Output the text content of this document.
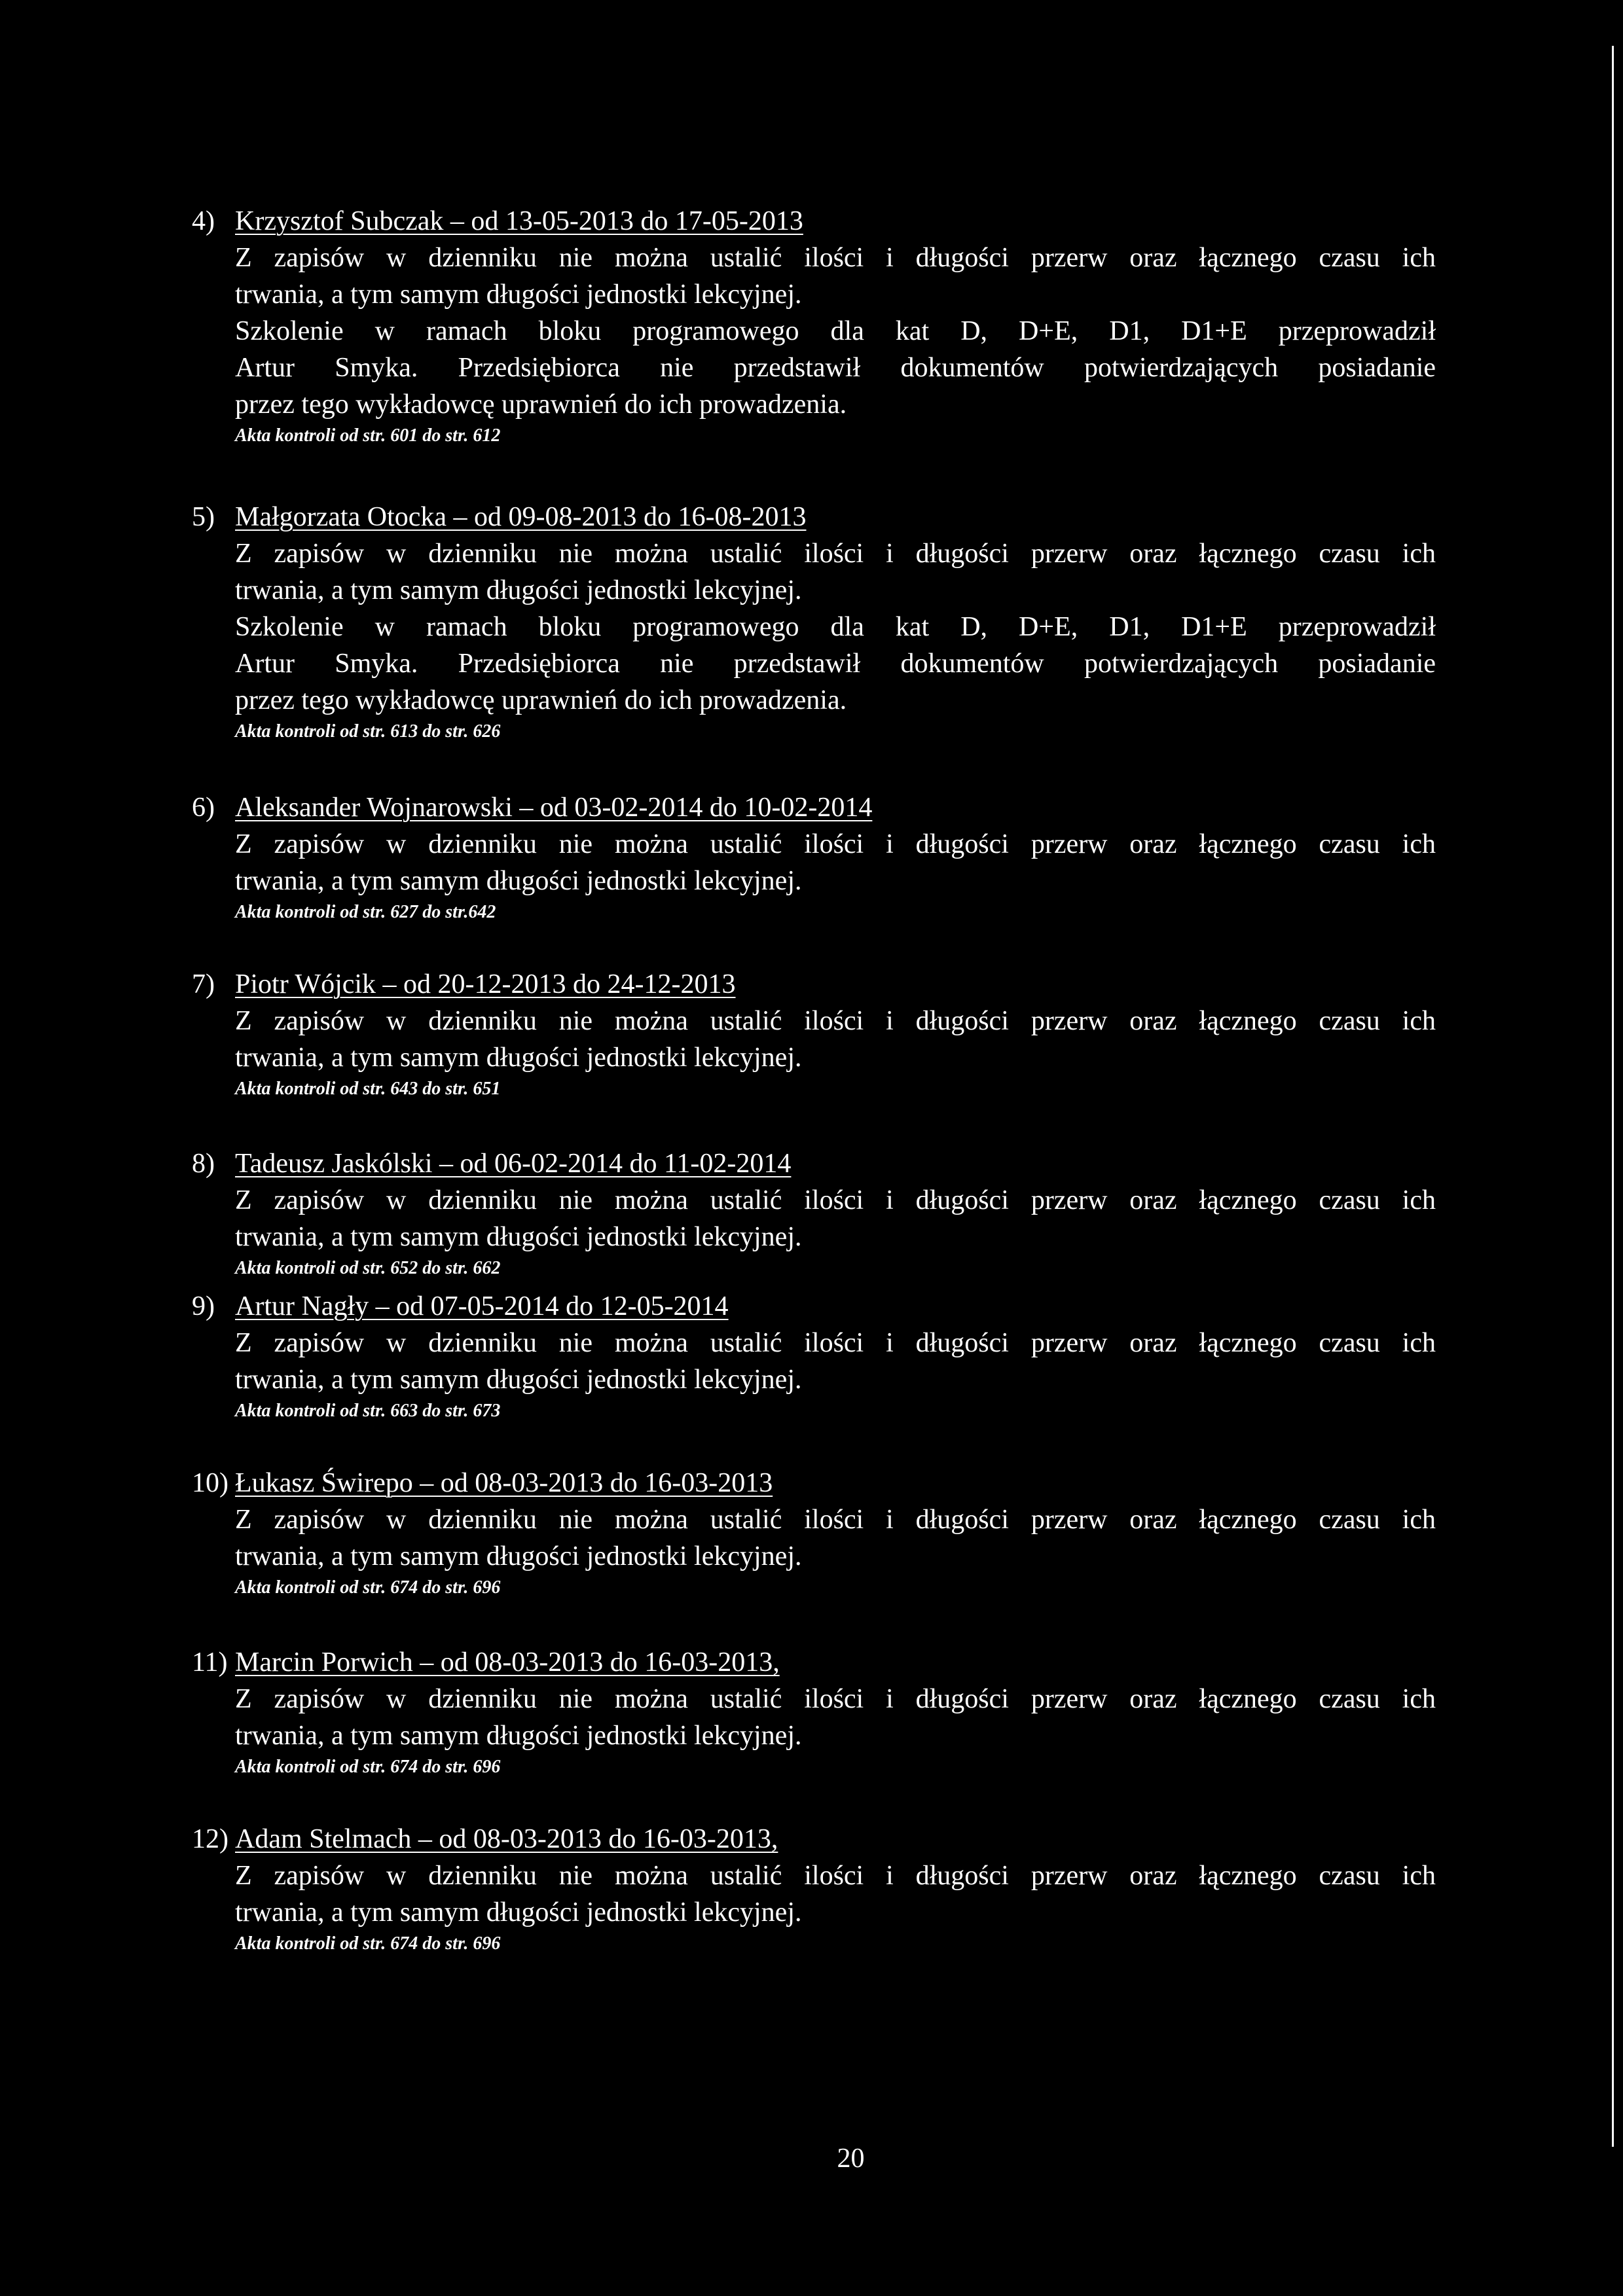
4) Krzysztof Subczak – od 13-05-2013 do 17-05-2013

Z zapisów w dzienniku nie można ustalić ilości i długości przerw oraz łącznego czasu ich

trwania, a tym samym długości jednostki lekcyjnej.

Szkolenie w ramach bloku programowego dla kat D, D+E, D1, D1+E przeprowadził

Artur Smyka. Przedsiębiorca nie przedstawił dokumentów potwierdzających posiadanie

przez tego wykładowcę uprawnień do ich prowadzenia.

Akta kontroli od str. 601 do str. 612
5) Małgorzata Otocka – od 09-08-2013 do 16-08-2013

Z zapisów w dzienniku nie można ustalić ilości i długości przerw oraz łącznego czasu ich

trwania, a tym samym długości jednostki lekcyjnej.

Szkolenie w ramach bloku programowego dla kat D, D+E, D1, D1+E przeprowadził

Artur Smyka. Przedsiębiorca nie przedstawił dokumentów potwierdzających posiadanie

przez tego wykładowcę uprawnień do ich prowadzenia.

Akta kontroli od str. 613 do str. 626
6) Aleksander Wojnarowski – od 03-02-2014 do 10-02-2014

Z zapisów w dzienniku nie można ustalić ilości i długości przerw oraz łącznego czasu ich

trwania, a tym samym długości jednostki lekcyjnej.

Akta kontroli od str. 627 do str.642
7) Piotr Wójcik – od 20-12-2013 do 24-12-2013

Z zapisów w dzienniku nie można ustalić ilości i długości przerw oraz łącznego czasu ich

trwania, a tym samym długości jednostki lekcyjnej.

Akta kontroli od str. 643 do str. 651
8) Tadeusz Jaskólski – od 06-02-2014 do 11-02-2014

Z zapisów w dzienniku nie można ustalić ilości i długości przerw oraz łącznego czasu ich

trwania, a tym samym długości jednostki lekcyjnej.

Akta kontroli od str. 652 do str. 662
9) Artur Nagły – od 07-05-2014 do 12-05-2014

Z zapisów w dzienniku nie można ustalić ilości i długości przerw oraz łącznego czasu ich

trwania, a tym samym długości jednostki lekcyjnej.

Akta kontroli od str. 663 do str. 673
10) Łukasz Świrepo – od 08-03-2013 do 16-03-2013

Z zapisów w dzienniku nie można ustalić ilości i długości przerw oraz łącznego czasu ich

trwania, a tym samym długości jednostki lekcyjnej.

Akta kontroli od str. 674 do str. 696
11) Marcin Porwich – od 08-03-2013 do 16-03-2013,

Z zapisów w dzienniku nie można ustalić ilości i długości przerw oraz łącznego czasu ich

trwania, a tym samym długości jednostki lekcyjnej.

Akta kontroli od str. 674 do str. 696
12) Adam Stelmach – od 08-03-2013 do 16-03-2013,

Z zapisów w dzienniku nie można ustalić ilości i długości przerw oraz łącznego czasu ich

trwania, a tym samym długości jednostki lekcyjnej.

Akta kontroli od str. 674 do str. 696
20
